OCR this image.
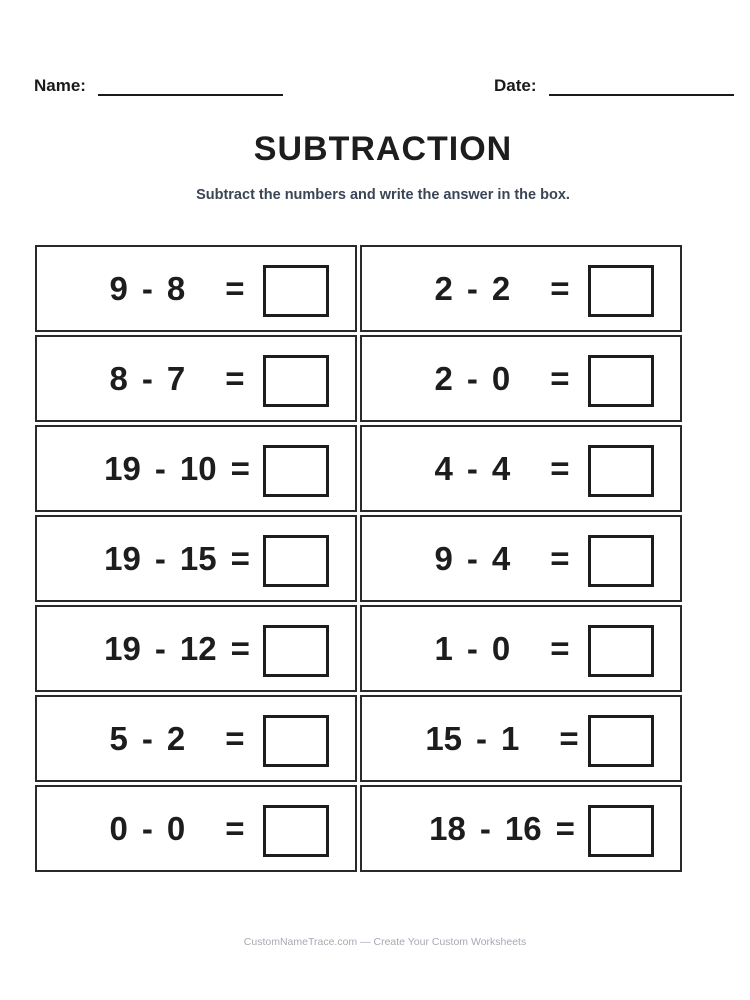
Name:	Date:
SUBTRACTION
Subtract the numbers and write the answer in the box.
9 - 8 =	2 - 2 =
8 - 7 =	2 - 0 =
19 - 10 =	4 - 4 =
19 - 15 =	9 - 4 =
19 - 12 =	1 - 0 =
5 - 2 =	15 - 1 =
0 - 0 =	18 - 16 =
CustomNameTrace.com — Create Your Custom Worksheets
